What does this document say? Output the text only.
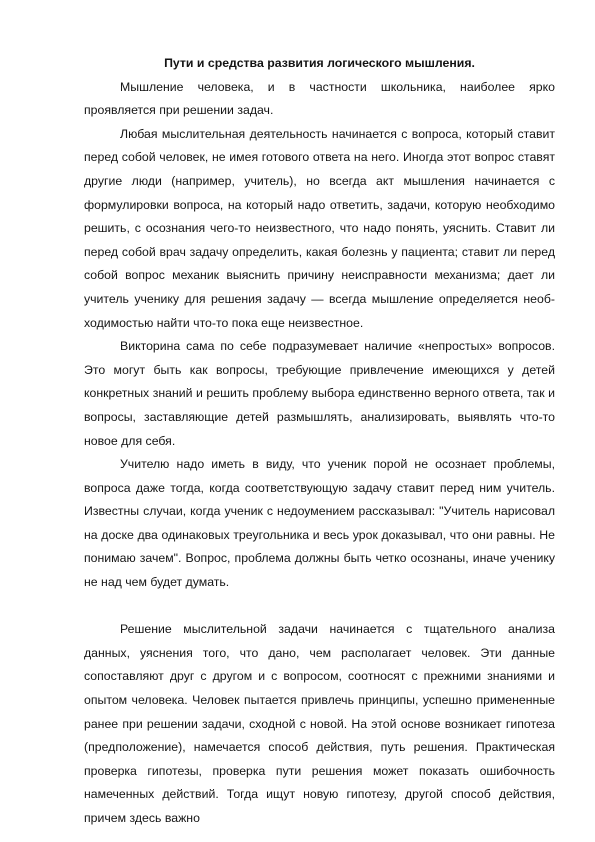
Пути и средства развития логического мышления.

Мышление человека, и в частности школьника, наиболее ярко проявляется при решении задач.

Любая мыслительная деятельность начинается с вопроса, который ставит перед собой человек, не имея готового ответа на него. Иногда этот вопрос ставят другие люди (например, учитель), но всегда акт мышления начинается с формулировки вопроса, на который надо ответить, задачи, которую необходимо решить, с осознания чего-то неизвестного, что надо понять, уяснить. Ставит ли перед собой врач задачу определить, какая болезнь у пациента; ставит ли перед собой вопрос механик выяснить причину неисправности механизма; дает ли учитель ученику для решения задачу — всегда мышление определяется необ-ходимостью найти что-то пока еще неизвестное.

Викторина сама по себе подразумевает наличие «непростых» вопросов. Это могут быть как вопросы, требующие привлечение имеющихся у детей конкретных знаний и решить проблему выбора единственно верного ответа, так и вопросы, заставляющие детей размышлять, анализировать, выявлять что-то новое для себя.

Учителю надо иметь в виду, что ученик порой не осознает проблемы, вопроса даже тогда, когда соответствующую задачу ставит перед ним учитель. Известны случаи, когда ученик с недоумением рассказывал: "Учитель нарисовал на доске два одинаковых треугольника и весь урок доказывал, что они равны. Не понимаю зачем". Вопрос, проблема должны быть четко осознаны, иначе ученику не над чем будет думать.

Решение мыслительной задачи начинается с тщательного анализа данных, уяснения того, что дано, чем располагает человек. Эти данные сопоставляют друг с другом и с вопросом, соотносят с прежними знаниями и опытом человека. Человек пытается привлечь принципы, успешно примененные ранее при решении задачи, сходной с новой. На этой основе возникает гипотеза (предположение), намечается способ действия, путь решения. Практическая проверка гипотезы, проверка пути решения может показать ошибочность намеченных действий. Тогда ищут новую гипотезу, другой способ действия, причем здесь важно
